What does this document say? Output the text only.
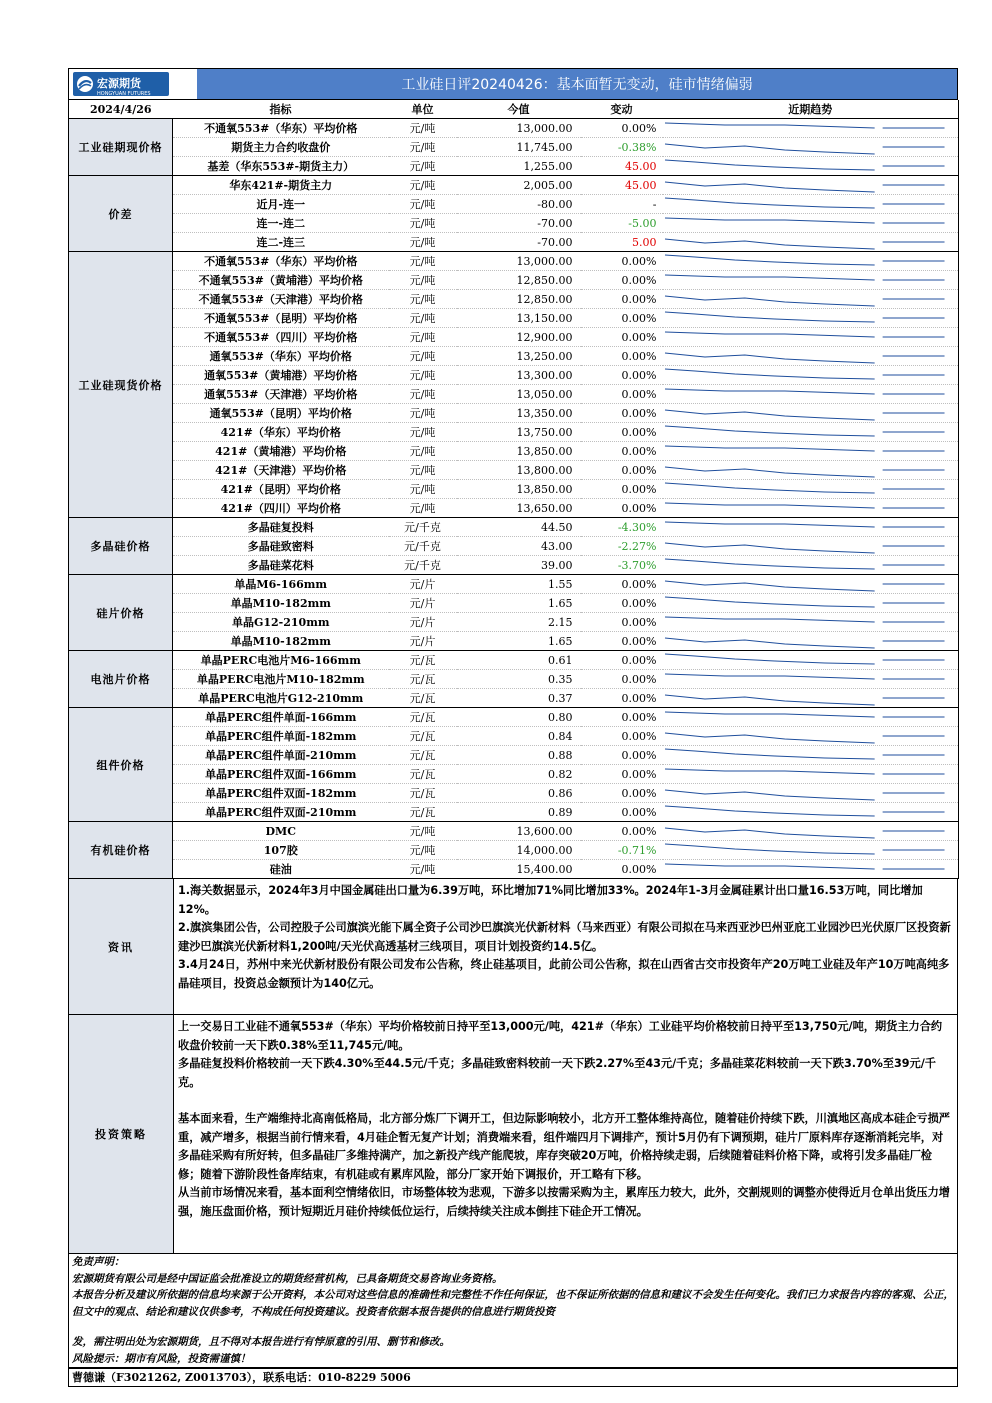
宏源期货
HONGYUAN FUTURES
工业硅日评20240426：基本面暂无变动，硅市情绪偏弱
2024/4/26	指标	单位	今值	变动	近期趋势
工业硅期现价格	不通氧553#（华东）平均价格	元/吨	13,000.00	0.00%	

	期货主力合约收盘价	元/吨	11,745.00	-0.38%	

	基差（华东553#-期货主力）	元/吨	1,255.00	45.00	

价差	华东421#-期货主力	元/吨	2,005.00	45.00	

	近月-连一	元/吨	-80.00	-	

	连一-连二	元/吨	-70.00	-5.00	

	连二-连三	元/吨	-70.00	5.00	

工业硅现货价格	不通氧553#（华东）平均价格	元/吨	13,000.00	0.00%	

	不通氧553#（黄埔港）平均价格	元/吨	12,850.00	0.00%	

	不通氧553#（天津港）平均价格	元/吨	12,850.00	0.00%	

	不通氧553#（昆明）平均价格	元/吨	13,150.00	0.00%	

	不通氧553#（四川）平均价格	元/吨	12,900.00	0.00%	

	通氧553#（华东）平均价格	元/吨	13,250.00	0.00%	

	通氧553#（黄埔港）平均价格	元/吨	13,300.00	0.00%	

	通氧553#（天津港）平均价格	元/吨	13,050.00	0.00%	

	通氧553#（昆明）平均价格	元/吨	13,350.00	0.00%	

	421#（华东）平均价格	元/吨	13,750.00	0.00%	

	421#（黄埔港）平均价格	元/吨	13,850.00	0.00%	

	421#（天津港）平均价格	元/吨	13,800.00	0.00%	

	421#（昆明）平均价格	元/吨	13,850.00	0.00%	

	421#（四川）平均价格	元/吨	13,650.00	0.00%	

多晶硅价格	多晶硅复投料	元/千克	44.50	-4.30%	

	多晶硅致密料	元/千克	43.00	-2.27%	

	多晶硅菜花料	元/千克	39.00	-3.70%	

硅片价格	单晶M6-166mm	元/片	1.55	0.00%	

	单晶M10-182mm	元/片	1.65	0.00%	

	单晶G12-210mm	元/片	2.15	0.00%	

	单晶M10-182mm	元/片	1.65	0.00%	

电池片价格	单晶PERC电池片M6-166mm	元/瓦	0.61	0.00%	

	单晶PERC电池片M10-182mm	元/瓦	0.35	0.00%	

	单晶PERC电池片G12-210mm	元/瓦	0.37	0.00%	

组件价格	单晶PERC组件单面-166mm	元/瓦	0.80	0.00%	

	单晶PERC组件单面-182mm	元/瓦	0.84	0.00%	

	单晶PERC组件单面-210mm	元/瓦	0.88	0.00%	

	单晶PERC组件双面-166mm	元/瓦	0.82	0.00%	

	单晶PERC组件双面-182mm	元/瓦	0.86	0.00%	

	单晶PERC组件双面-210mm	元/瓦	0.89	0.00%	

有机硅价格	DMC	元/吨	13,600.00	0.00%	

	107胶	元/吨	14,000.00	-0.71%	

	硅油	元/吨	15,400.00	0.00%	
资讯

1.海关数据显示，2024年3月中国金属硅出口量为6.39万吨，环比增加71%同比增加33%。2024年1-3月金属硅累计出口量16.53万吨，同比增加12%。

2.旗滨集团公告，公司控股子公司旗滨光能下属全资子公司沙巴旗滨光伏新材料（马来西亚）有限公司拟在马来西亚沙巴州亚庇工业园沙巴光伏原厂区投资新建沙巴旗滨光伏新材料1,200吨/天光伏高透基材三线项目，项目计划投资约14.5亿。

3.4月24日，苏州中来光伏新材股份有限公司发布公告称，终止硅基项目，此前公司公告称，拟在山西省古交市投资年产20万吨工业硅及年产10万吨高纯多晶硅项目，投资总金额预计为140亿元。

投资策略

上一交易日工业硅不通氧553#（华东）平均价格较前日持平至13,000元/吨，421#（华东）工业硅平均价格较前日持平至13,750元/吨，期货主力合约收盘价较前一天下跌0.38%至11,745元/吨。

多晶硅复投料价格较前一天下跌4.30%至44.5元/千克；多晶硅致密料较前一天下跌2.27%至43元/千克；多晶硅菜花料较前一天下跌3.70%至39元/千克。

基本面来看，生产端维持北高南低格局，北方部分炼厂下调开工，但边际影响较小，北方开工整体维持高位，随着硅价持续下跌，川滇地区高成本硅企亏损严重，减产增多，根据当前行情来看，4月硅企暂无复产计划；消费端来看，组件端四月下调排产，预计5月仍有下调预期，硅片厂原料库存逐渐消耗完毕，对多晶硅采购有所好转，但多晶硅厂多维持满产，加之新投产线产能爬坡，库存突破20万吨，价格持续走弱，后续随着硅料价格下降，或将引发多晶硅厂检修；随着下游阶段性备库结束，有机硅或有累库风险，部分厂家开始下调报价，开工略有下移。

从当前市场情况来看，基本面利空情绪依旧，市场整体较为悲观，下游多以按需采购为主，累库压力较大，此外，交割规则的调整亦使得近月仓单出货压力增强，施压盘面价格，预计短期近月硅价持续低位运行，后续持续关注成本倒挂下硅企开工情况。

免责声明：
宏源期货有限公司是经中国证监会批准设立的期货经营机构，已具备期货交易咨询业务资格。
本报告分析及建议所依据的信息均来源于公开资料，本公司对这些信息的准确性和完整性不作任何保证，也不保证所依据的信息和建议不会发生任何变化。我们已力求报告内容的客观、公正，但文中的观点、结论和建议仅供参考，不构成任何投资建议。投资者依据本报告提供的信息进行期货投资
发，需注明出处为宏源期货，且不得对本报告进行有悖原意的引用、删节和修改。
风险提示：期市有风险，投资需谨慎！
曹德谦（F3021262, Z0013703），联系电话：010-8229 5006
